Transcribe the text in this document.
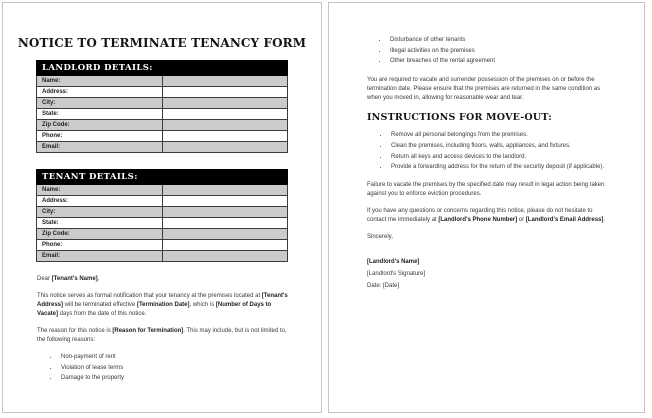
NOTICE TO TERMINATE TENANCY FORM
LANDLORD DETAILS:	
Name:	
Address:	
City:	
State:	
Zip Code:	
Phone:	
Email:	
TENANT DETAILS:	
Name:	
Address:	
City:	
State:	
Zip Code:	
Phone:	
Email:	

Dear [Tenant's Name],

This notice serves as formal notification that your tenancy at the premises located at [Tenant's Address] will be terminated effective [Termination Date], which is [Number of Days to Vacate] days from the date of this notice.

The reason for this notice is [Reason for Termination]. This may include, but is not limited to, the following reasons:

• Non-payment of rent
• Violation of lease terms
• Damage to the property
• Disturbance of other tenants
• Illegal activities on the premises
• Other breaches of the rental agreement

You are required to vacate and surrender possession of the premises on or before the termination date. Please ensure that the premises are returned in the same condition as when you moved in, allowing for reasonable wear and tear.

INSTRUCTIONS FOR MOVE-OUT:
• Remove all personal belongings from the premises.
• Clean the premises, including floors, walls, appliances, and fixtures.
• Return all keys and access devices to the landlord.
• Provide a forwarding address for the return of the security deposit (if applicable).

Failure to vacate the premises by the specified date may result in legal action being taken against you to enforce eviction procedures.

If you have any questions or concerns regarding this notice, please do not hesitate to contact me immediately at [Landlord's Phone Number] or [Landlord's Email Address].

Sincerely,

[Landlord's Name]

[Landlord's Signature]

Date: [Date]
